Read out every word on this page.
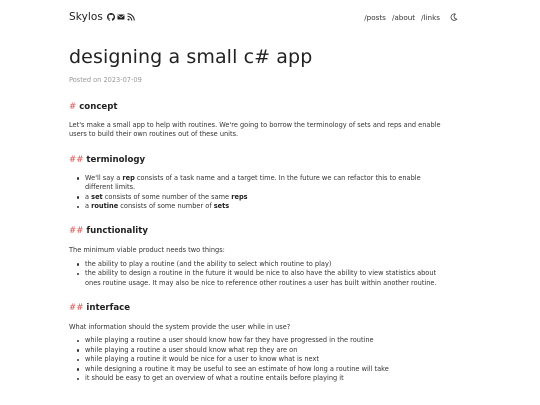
Skylos	/posts /about /links
designing a small c# app
Posted on 2023-07-09
# concept

Let's make a small app to help with routines. We're going to borrow the terminology of sets and reps and enable
users to build their own routines out of these units.

## terminology
We'll say a rep consists of a task name and a target time. In the future we can refactor this to enable
different limits.
a set consists of some number of the same reps
a routine consists of some number of sets
## functionality

The minimum viable product needs two things:

the ability to play a routine (and the ability to select which routine to play)
the ability to design a routine in the future it would be nice to also have the ability to view statistics about
ones routine usage. It may also be nice to reference other routines a user has built within another routine.
## interface

What information should the system provide the user while in use?

while playing a routine a user should know how far they have progressed in the routine
while playing a routine a user should know what rep they are on
while playing a routine it would be nice for a user to know what is next
while designing a routine it may be useful to see an estimate of how long a routine will take
it should be easy to get an overview of what a routine entails before playing it
